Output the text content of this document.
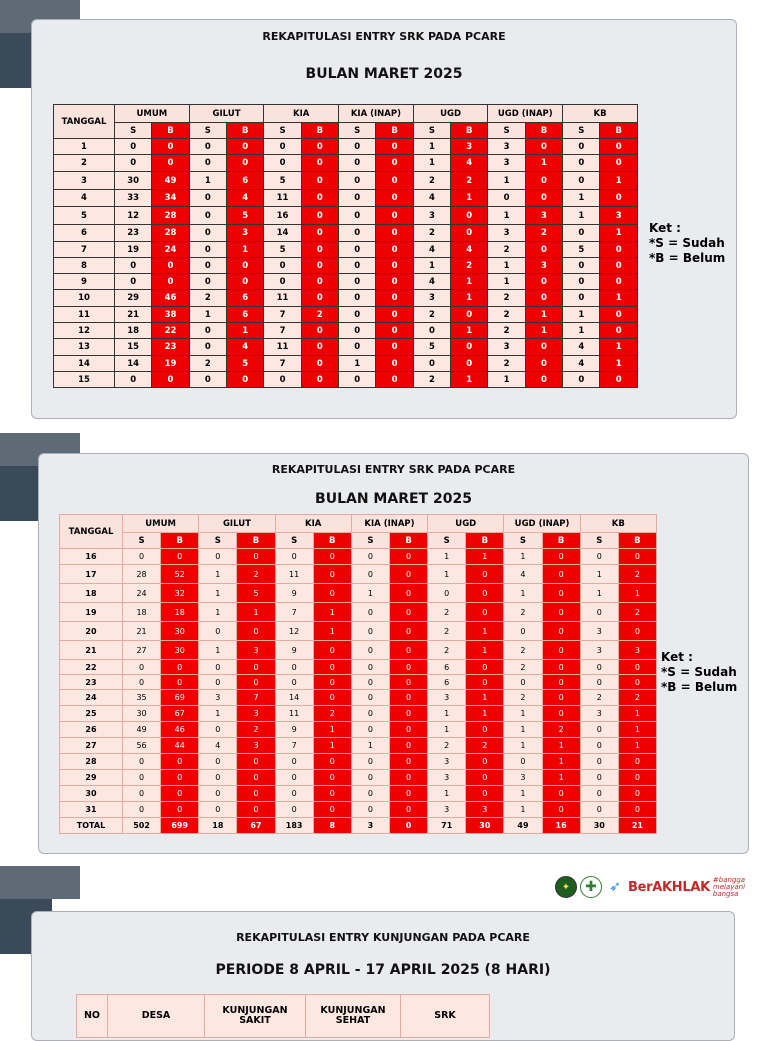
REKAPITULASI ENTRY SRK PADA PCARE
BULAN MARET 2025
Ket :
*S = Sudah
*B = Belum
TANGGAL	UMUM		GILUT		KIA		KIA (INAP)		UGD		UGD (INAP)		KB	
	S	B	S	B	S	B	S	B	S	B	S	B	S	B
1	0	0	0	0	0	0	0	0	1	3	3	0	0	0
2	0	0	0	0	0	0	0	0	1	4	3	1	0	0
3	30	49	1	6	5	0	0	0	2	2	1	0	0	1
4	33	34	0	4	11	0	0	0	4	1	0	0	1	0
5	12	28	0	5	16	0	0	0	3	0	1	3	1	3
6	23	28	0	3	14	0	0	0	2	0	3	2	0	1
7	19	24	0	1	5	0	0	0	4	4	2	0	5	0
8	0	0	0	0	0	0	0	0	1	2	1	3	0	0
9	0	0	0	0	0	0	0	0	4	1	1	0	0	0
10	29	46	2	6	11	0	0	0	3	1	2	0	0	1
11	21	38	1	6	7	2	0	0	2	0	2	1	1	0
12	18	22	0	1	7	0	0	0	0	1	2	1	1	0
13	15	23	0	4	11	0	0	0	5	0	3	0	4	1
14	14	19	2	5	7	0	1	0	0	0	2	0	4	1
15	0	0	0	0	0	0	0	0	2	1	1	0	0	0
REKAPITULASI ENTRY SRK PADA PCARE
BULAN MARET 2025
Ket :
*S = Sudah
*B = Belum
TANGGAL	UMUM		GILUT		KIA		KIA (INAP)		UGD		UGD (INAP)		KB	
	S	B	S	B	S	B	S	B	S	B	S	B	S	B
16	0	0	0	0	0	0	0	0	1	1	1	0	0	0
17	28	52	1	2	11	0	0	0	1	0	4	0	1	2
18	24	32	1	5	9	0	1	0	0	0	1	0	1	1
19	18	18	1	1	7	1	0	0	2	0	2	0	0	2
20	21	30	0	0	12	1	0	0	2	1	0	0	3	0
21	27	30	1	3	9	0	0	0	2	1	2	0	3	3
22	0	0	0	0	0	0	0	0	6	0	2	0	0	0
23	0	0	0	0	0	0	0	0	6	0	0	0	0	0
24	35	69	3	7	14	0	0	0	3	1	2	0	2	2
25	30	67	1	3	11	2	0	0	1	1	1	0	3	1
26	49	46	0	2	9	1	0	0	1	0	1	2	0	1
27	56	44	4	3	7	1	1	0	2	2	1	1	0	1
28	0	0	0	0	0	0	0	0	3	0	0	1	0	0
29	0	0	0	0	0	0	0	0	3	0	3	1	0	0
30	0	0	0	0	0	0	0	0	1	0	1	0	0	0
31	0	0	0	0	0	0	0	0	3	3	1	0	0	0
TOTAL	502	699	18	67	183	8	3	0	71	30	49	16	30	21
✦	✚ ➶ BerAKHLAK #bangga melayani bangsa
REKAPITULASI ENTRY KUNJUNGAN PADA PCARE
PERIODE 8 APRIL - 17 APRIL 2025 (8 HARI)
NO	DESA	KUNJUNGAN SAKIT	KUNJUNGAN SEHAT	SRK
